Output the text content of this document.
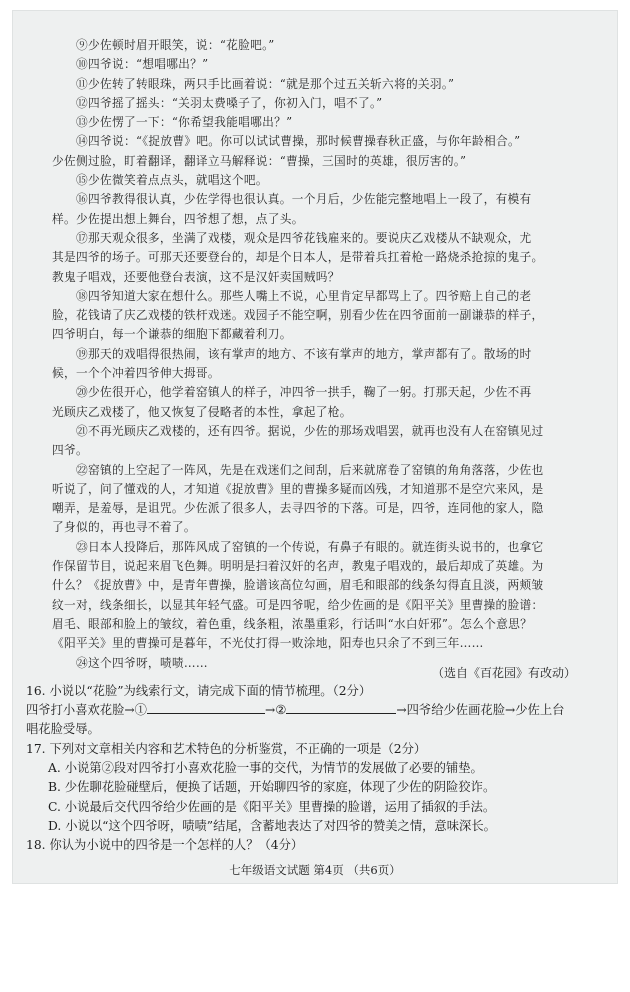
⑨少佐顿时眉开眼笑，说：“花脸吧。”
⑩四爷说：“想唱哪出？”
⑪少佐转了转眼珠，两只手比画着说：“就是那个过五关斩六将的关羽。”
⑫四爷摇了摇头：“关羽太费嗓子了，你初入门，唱不了。”
⑬少佐愣了一下：“你希望我能唱哪出？”
⑭四爷说：“《捉放曹》吧。你可以试试曹操，那时候曹操春秋正盛，与你年龄相合。”
少佐侧过脸，盯着翻译，翻译立马解释说：“曹操，三国时的英雄，很厉害的。”
⑮少佐微笑着点点头，就唱这个吧。
⑯四爷教得很认真，少佐学得也很认真。一个月后，少佐能完整地唱上一段了，有模有
样。少佐提出想上舞台，四爷想了想，点了头。
⑰那天观众很多，坐满了戏楼，观众是四爷花钱雇来的。要说庆乙戏楼从不缺观众，尤
其是四爷的场子。可那天还要登台的，却是个日本人，是带着兵扛着枪一路烧杀抢掠的鬼子。
教鬼子唱戏，还要他登台表演，这不是汉奸卖国贼吗？
⑱四爷知道大家在想什么。那些人嘴上不说，心里肯定早都骂上了。四爷赔上自己的老
脸，花钱请了庆乙戏楼的铁杆戏迷。戏园子不能空啊，别看少佐在四爷面前一副谦恭的样子，
四爷明白，每一个谦恭的细胞下都藏着利刀。
⑲那天的戏唱得很热闹，该有掌声的地方、不该有掌声的地方，掌声都有了。散场的时
候，一个个冲着四爷伸大拇哥。
⑳少佐很开心，他学着窑镇人的样子，冲四爷一拱手，鞠了一躬。打那天起，少佐不再
光顾庆乙戏楼了，他又恢复了侵略者的本性，拿起了枪。
㉑不再光顾庆乙戏楼的，还有四爷。据说，少佐的那场戏唱罢，就再也没有人在窑镇见过
四爷。
㉒窑镇的上空起了一阵风，先是在戏迷们之间刮，后来就席卷了窑镇的角角落落，少佐也
听说了，问了懂戏的人，才知道《捉放曹》里的曹操多疑而凶残，才知道那不是空穴来风，是
嘲弄，是羞辱，是诅咒。少佐派了很多人，去寻四爷的下落。可是，四爷，连同他的家人，隐
了身似的，再也寻不着了。
㉓日本人投降后，那阵风成了窑镇的一个传说，有鼻子有眼的。就连街头说书的，也拿它
作保留节目，说起来眉飞色舞。明明是扫着汉奸的名声，教鬼子唱戏的，最后却成了英雄。为
什么？《捉放曹》中，是青年曹操，脸谱该高位勾画，眉毛和眼部的线条勾得直且淡，两颊皱
纹一对，线条细长，以显其年轻气盛。可是四爷呢，给少佐画的是《阳平关》里曹操的脸谱：
眉毛、眼部和脸上的皱纹，着色重，线条粗，浓墨重彩，行话叫“水白奸邪”。怎么个意思？
《阳平关》里的曹操可是暮年，不光仗打得一败涂地，阳寿也只余了不到三年……
㉔这个四爷呀，啧啧……
（选自《百花园》有改动）
16. 小说以“花脸”为线索行文，请完成下面的情节梳理。（2分）
四爷打小喜欢花脸→①	→②	→四爷给少佐画花脸→少佐上台
唱花脸受辱。
17. 下列对文章相关内容和艺术特色的分析鉴赏，不正确的一项是（2分）
A. 小说第②段对四爷打小喜欢花脸一事的交代，为情节的发展做了必要的铺垫。
B. 少佐聊花脸碰壁后，便换了话题，开始聊四爷的家庭，体现了少佐的阴险狡诈。
C. 小说最后交代四爷给少佐画的是《阳平关》里曹操的脸谱，运用了插叙的手法。
D. 小说以“这个四爷呀，啧啧”结尾，含蓄地表达了对四爷的赞美之情，意味深长。
18. 你认为小说中的四爷是一个怎样的人？（4分）
七年级语文试题 第4页 （共6页）
